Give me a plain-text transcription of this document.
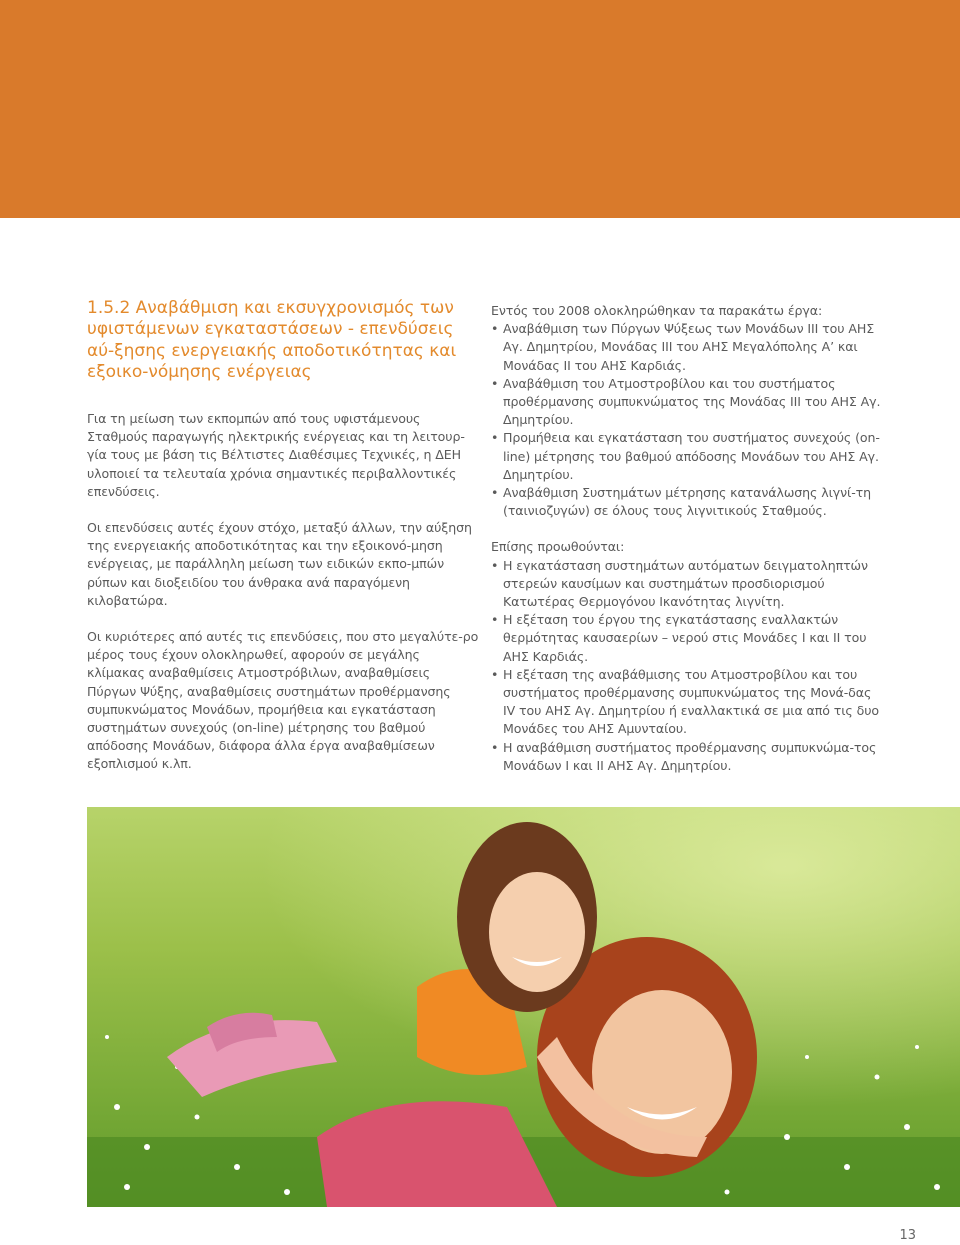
1.5.2 Αναβάθμιση και εκσυγχρονισμός των υφιστάμενων εγκαταστάσεων - επενδύσεις αύ-ξησης ενεργειακής αποδοτικότητας και εξοικο-νόμησης ενέργειας

Για τη μείωση των εκπομπών από τους υφιστάμενους Σταθμούς παραγωγής ηλεκτρικής ενέργειας και τη λειτουρ-γία τους με βάση τις Βέλτιστες Διαθέσιμες Τεχνικές, η ΔΕΗ υλοποιεί τα τελευταία χρόνια σημαντικές περιβαλλοντικές επενδύσεις.

Οι επενδύσεις αυτές έχουν στόχο, μεταξύ άλλων, την αύξηση της ενεργειακής αποδοτικότητας και την εξοικονό-μηση ενέργειας, με παράλληλη μείωση των ειδικών εκπο-μπών ρύπων και διοξειδίου του άνθρακα ανά παραγόμενη κιλοβατώρα.

Οι κυριότερες από αυτές τις επενδύσεις, που στο μεγαλύτε-ρο μέρος τους έχουν ολοκληρωθεί, αφορούν σε μεγάλης κλίμακας αναβαθμίσεις Ατμοστρόβιλων, αναβαθμίσεις Πύργων Ψύξης, αναβαθμίσεις συστημάτων προθέρμανσης συμπυκνώματος Μονάδων, προμήθεια και εγκατάσταση συστημάτων συνεχούς (on-line) μέτρησης του βαθμού απόδοσης Μονάδων, διάφορα άλλα έργα αναβαθμίσεων εξοπλισμού κ.λπ.

Εντός του 2008 ολοκληρώθηκαν τα παρακάτω έργα:

• Αναβάθμιση των Πύργων Ψύξεως των Μονάδων ΙΙΙ του ΑΗΣ Αγ. Δημητρίου, Μονάδας ΙΙΙ του ΑΗΣ Μεγαλόπολης Α’ και Μονάδας ΙΙ του ΑΗΣ Καρδιάς.
• Αναβάθμιση του Ατμοστροβίλου και του συστήματος προθέρμανσης συμπυκνώματος της Μονάδας ΙΙΙ του ΑΗΣ Αγ. Δημητρίου.
• Προμήθεια και εγκατάσταση του συστήματος συνεχούς (on-line) μέτρησης του βαθμού απόδοσης Μονάδων του ΑΗΣ Αγ. Δημητρίου.
• Αναβάθμιση Συστημάτων μέτρησης κατανάλωσης λιγνί-τη (ταινιοζυγών) σε όλους τους λιγνιτικούς Σταθμούς.

Επίσης προωθούνται:

• Η εγκατάσταση συστημάτων αυτόματων δειγματοληπτών στερεών καυσίμων και συστημάτων προσδιορισμού Κατωτέρας Θερμογόνου Ικανότητας λιγνίτη.
• Η εξέταση του έργου της εγκατάστασης εναλλακτών θερμότητας καυσαερίων – νερού στις Μονάδες Ι και ΙΙ του ΑΗΣ Καρδιάς.
• Η εξέταση της αναβάθμισης του Ατμοστροβίλου και του συστήματος προθέρμανσης συμπυκνώματος της Μονά-δας IV του ΑΗΣ Αγ. Δημητρίου ή εναλλακτικά σε μια από τις δυο Μονάδες του ΑΗΣ Αμυνταίου.
• Η αναβάθμιση συστήματος προθέρμανσης συμπυκνώμα-τος Μονάδων Ι και ΙΙ ΑΗΣ Αγ. Δημητρίου.
13
